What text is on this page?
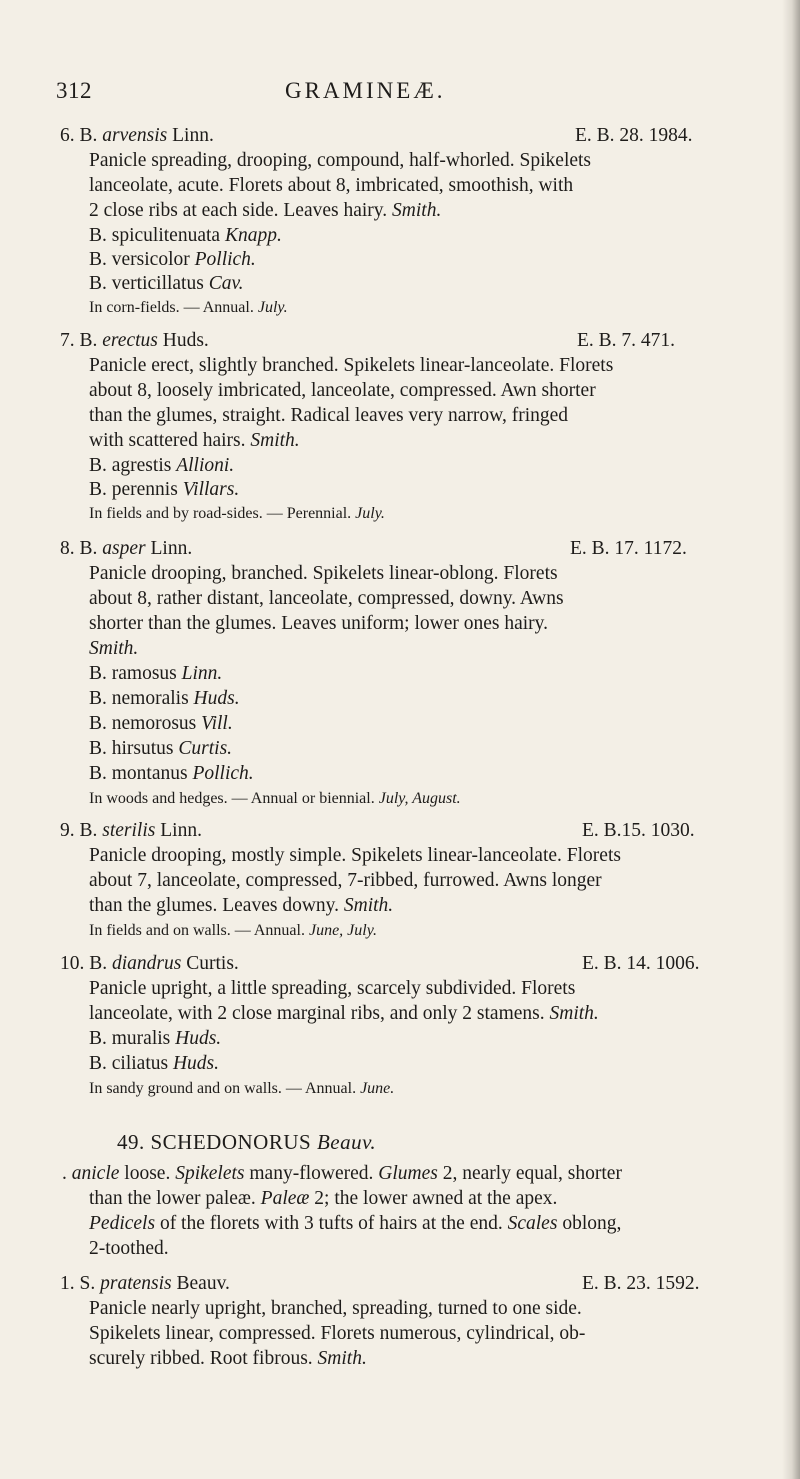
312	GRAMINEÆ.
6. B. arvensis Linn.	E. B. 28. 1984.
Panicle spreading, drooping, compound, half-whorled. Spikelets
lanceolate, acute. Florets about 8, imbricated, smoothish, with
2 close ribs at each side. Leaves hairy. Smith.
B. spiculitenuata Knapp.
B. versicolor Pollich.
B. verticillatus Cav.
In corn-fields. — Annual. July.
7. B. erectus Huds.	E. B. 7. 471.
Panicle erect, slightly branched. Spikelets linear-lanceolate. Florets
about 8, loosely imbricated, lanceolate, compressed. Awn shorter
than the glumes, straight. Radical leaves very narrow, fringed
with scattered hairs. Smith.
B. agrestis Allioni.
B. perennis Villars.
In fields and by road-sides. — Perennial. July.
8. B. asper Linn.	E. B. 17. 1172.
Panicle drooping, branched. Spikelets linear-oblong. Florets
about 8, rather distant, lanceolate, compressed, downy. Awns
shorter than the glumes. Leaves uniform; lower ones hairy.
Smith.
B. ramosus Linn.
B. nemoralis Huds.
B. nemorosus Vill.
B. hirsutus Curtis.
B. montanus Pollich.
In woods and hedges. — Annual or biennial. July, August.
9. B. sterilis Linn.	E. B.15. 1030.
Panicle drooping, mostly simple. Spikelets linear-lanceolate. Florets
about 7, lanceolate, compressed, 7-ribbed, furrowed. Awns longer
than the glumes. Leaves downy. Smith.
In fields and on walls. — Annual. June, July.
10. B. diandrus Curtis.	E. B. 14. 1006.
Panicle upright, a little spreading, scarcely subdivided. Florets
lanceolate, with 2 close marginal ribs, and only 2 stamens. Smith.
B. muralis Huds.
B. ciliatus Huds.
In sandy ground and on walls. — Annual. June.
49. SCHEDONORUS Beauv.
. anicle loose. Spikelets many-flowered. Glumes 2, nearly equal, shorter
than the lower paleæ. Paleæ 2; the lower awned at the apex.
Pedicels of the florets with 3 tufts of hairs at the end. Scales oblong,
2-toothed.
1. S. pratensis Beauv.	E. B. 23. 1592.
Panicle nearly upright, branched, spreading, turned to one side.
Spikelets linear, compressed. Florets numerous, cylindrical, ob-
scurely ribbed. Root fibrous. Smith.
